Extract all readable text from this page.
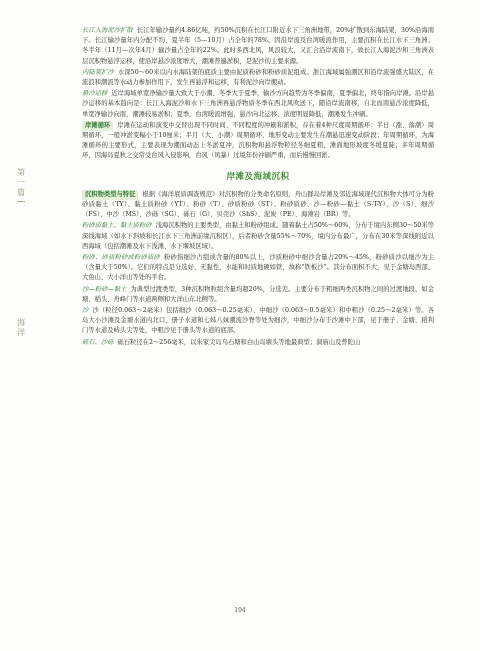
第一篇
海洋

长江入海泥沙扩散 长江年输沙量约4.86亿吨，约50%沉积在长江口附近水下三角洲地带，20%扩散到东海陆架，30%沿海南下。长江输沙量年内分配不均，夏半年（5—10月）占全年的78%。因沿岸流及台湾暖流作用，主要沉积在长江水下三角洲；冬半年（11月—次年4月）输沙量占全年的22%。此时多西北风，风浪较大，又汇合沿岸流南下，致长江入海泥沙和三角洲表层沉积物悬浮运移，使沿岸悬沙浓度增大，潮滩普遍淤积，是泥沙的主要来源。

内陆架扩沙 水深50～60米以内水海陆架的底质主要由泥质粉砂和粉砂质泥组成。浙江海域属强潮区和沿岸流强盛大陆区，在流浪和潮流等水动力参加作用下，发生再悬浮和运移，有利泥沙向岸搬动。

悬沙运移 近岸海域单宽净输沙量大致大于小潮、冬季大于夏季，输沙方向趋势为冬季偏南，夏季偏北，终年指向岸滩。沿岸悬沙运移的基本趋向是：长江入海泥沙和水下三角洲再悬浮物质冬季在西北风吹送下，随沿岸流南移，自北而南悬沙浓度降低，单宽净输沙向南，潮滩较易淤积；夏季，台湾暖流增强，悬沙向北运移，浓度明显降低，潮滩发生冲刷。

岸滩循环 岸滩在运动和演变中交替出现不同时间、不同程度的冲刷和淤积，存在着4种尺度周期循环：半日（涨、落潮）周期循环，一般冲淤变幅小于10厘米；半月（大、小潮）周期循环，地形变动主要发生在潮悬迅速变动阶段；年周期循环，为海滩循环的主要形式，主要表现为潮面动态上冬淤夏冲，沉积物和悬浮物粒径冬细夏粗，滩面地形坡度冬缓夏陡；多年周期循环，因海岛夏秋之交常受台风入侵影响，台风（风暴）过境年份冲刷严重，而后慢慢回淤。

岸滩及海域沉积

沉积物类型与特征 根据《海洋底质调查规范》对沉积物的分类命名原则，舟山群岛岸滩及邻近海域现代沉积物大体可分为粉砂质黏土（TY）、黏土质粉砂（YT）、粉砂（T）、砂质粉砂（ST）、粉砂质砂、沙—粉砂—黏土（S-T-Y）、沙（S）、细沙（FS）、中沙（MS）、沙砾（SG）、砾石（G）、贝壳沙（ShS）、泥炭（PE）、海滩岩（BR）等。

粉砂质黏土、黏土质粉砂 浅海沉积物的主要类型，由黏土和粉砂组成。随着黏土占50%～60%，分布于境内东侧30～50米等深线海域（如水下斜坡和长江水下三角洲前缘沉积区），后者粉砂含量55%～70%，境内分布最广，分布在30米等深线附近以西海域（包括潮滩及水下浅滩、水下堰坡区域）。

粉砂、砂质粉砂或粉砂质砂 粉砂指细沙占组成含量的80%以上，沙质粉砂中细沙含量占20%～45%，粉砂质沙以细沙为主（含量大于50%）。它们的特点是分选好、无黏性，水能和时质地硬如铁，故称“铁板沙”。其分布面积不大，见于金塘岛西部、大鱼山、大小洋山等处的平台。

沙—粉砂—黏土 为典型过渡类型，3种沉积物粒组含量均超20%，分选差。主要分布于粗细两类沉积物之间的过渡地段，如金塘、稻头、舟峰门等水道两侧和大洋山东北侧等。

沙 沙（粒径0.063～2毫米）包括细沙（0.063～0.25毫米）、中细沙（0.063～0.5毫米）和中粗沙（0.25～2毫米）等。各岛大小沙滩及金塘水道内北口、册子水道和七姊八妹潮流沙脊等处为细沙，中细沙分布于沙滩中下部，见于册子、金塘、稻利门等水道及峙头尖等处，中粗沙见于册头等水道的底部。

砾石、沙砾 砾石粒径在2～256毫米，以朱家尖岛乌石塘和白山岛塘头等地最典型；洞庙山及普陀山

194
